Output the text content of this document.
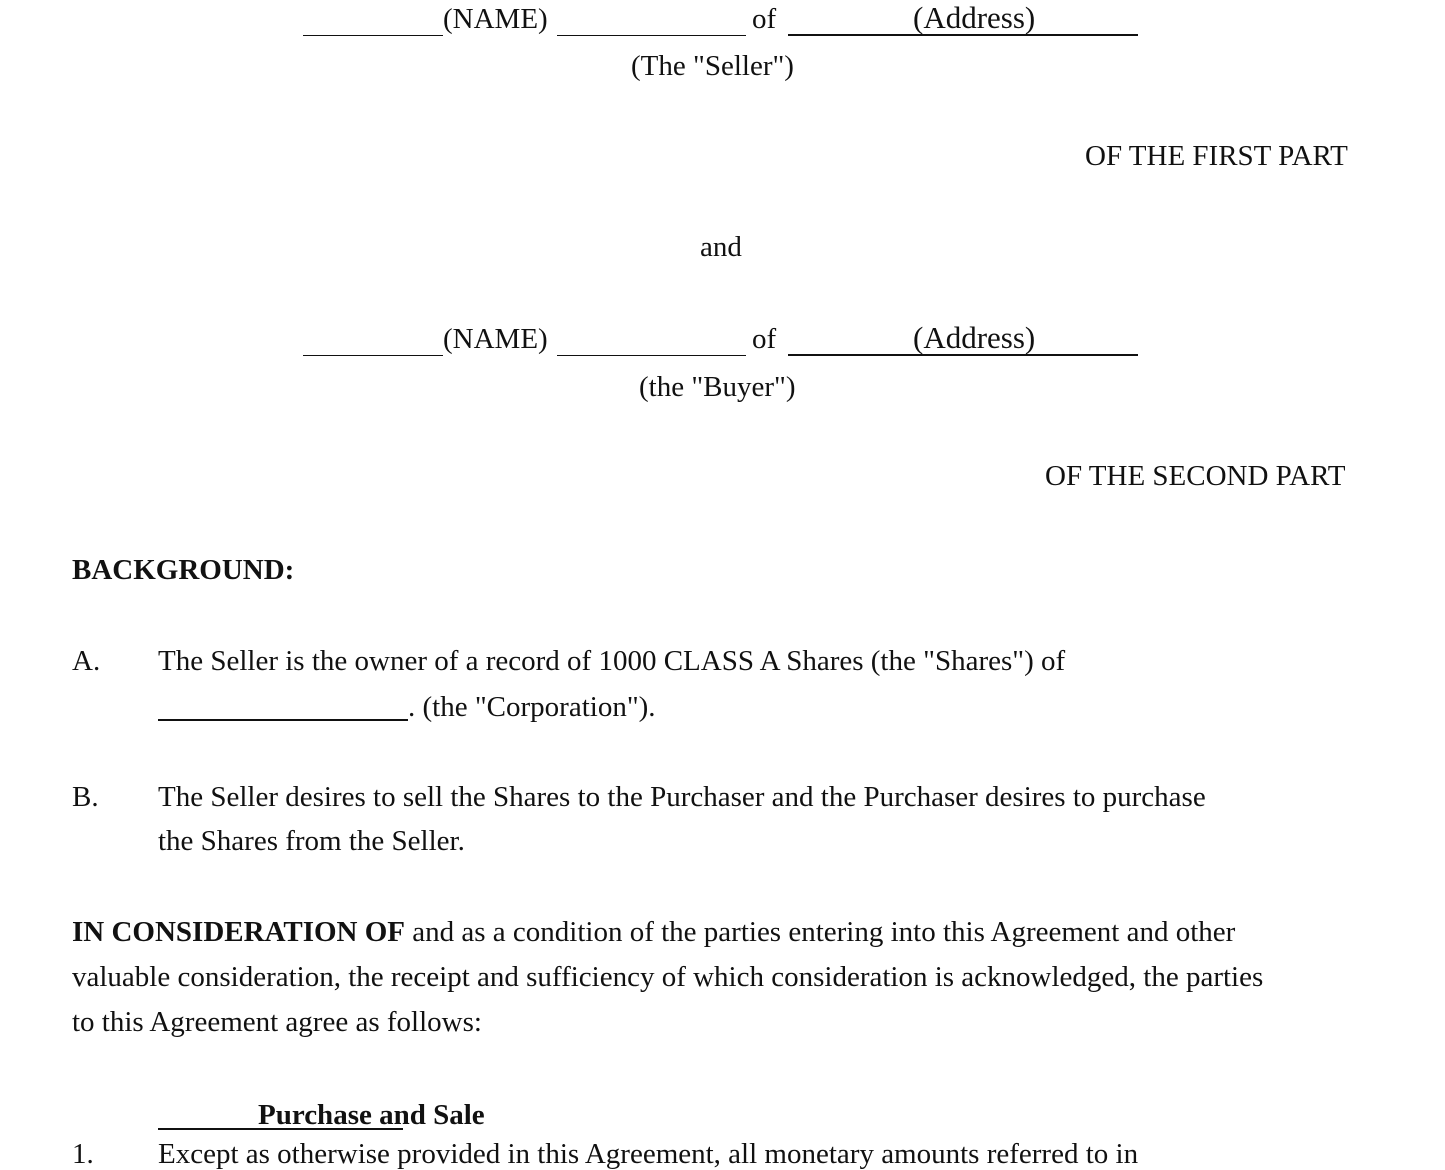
(NAME)	of	(Address)
(The "Seller")
OF THE FIRST PART
and
(NAME)	of	(Address)
(the "Buyer")
OF THE SECOND PART
BACKGROUND:
A. The Seller is the owner of a record of 1000 CLASS A Shares (the "Shares") of
. (the "Corporation").
B. The Seller desires to sell the Shares to the Purchaser and the Purchaser desires to purchase
the Shares from the Seller.
IN CONSIDERATION OF and as a condition of the parties entering into this Agreement and other
valuable consideration, the receipt and sufficiency of which consideration is acknowledged, the parties
to this Agreement agree as follows:
Purchase and Sale
1. Except as otherwise provided in this Agreement, all monetary amounts referred to in
